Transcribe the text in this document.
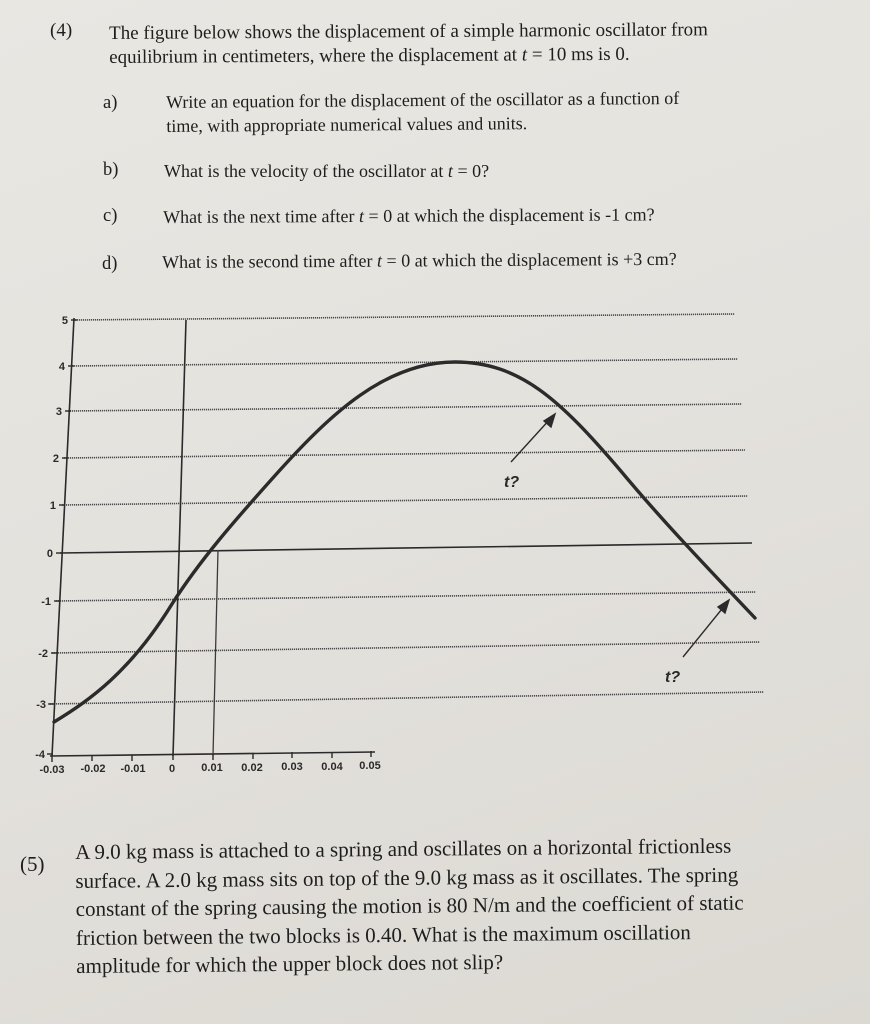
(4) The figure below shows the displacement of a simple harmonic oscillator from
equilibrium in centimeters, where the displacement at t = 10 ms is 0.
a)	Write an equation for the displacement of the oscillator as a function of
time, with appropriate numerical values and units.
b)	What is the velocity of the oscillator at t = 0?
c)	What is the next time after t = 0 at which the displacement is -1 cm?
d) What is the second time after t = 0 at which the displacement is +3 cm?
5
4
3
2
1
0
-1
-2
-3
-4
-0.03 -0.02 -0.01 0 0.01 0.02 0.03 0.04 0.05
t?
t?
(5)
A 9.0 kg mass is attached to a spring and oscillates on a horizontal frictionless
surface. A 2.0 kg mass sits on top of the 9.0 kg mass as it oscillates. The spring
constant of the spring causing the motion is 80 N/m and the coefficient of static
friction between the two blocks is 0.40. What is the maximum oscillation
amplitude for which the upper block does not slip?
